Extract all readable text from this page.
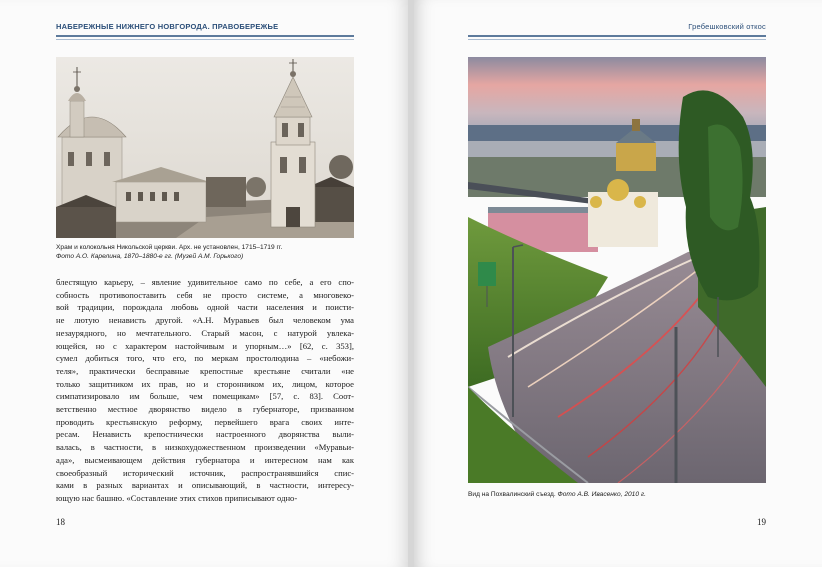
НАБЕРЕЖНЫЕ НИЖНЕГО НОВГОРОДА. ПРАВОБЕРЕЖЬЕ
Храм и колокольня Никольской церкви. Арх. не установлен, 1715–1719 гг.
Фото А.О. Карелина, 1870–1880-е гг. (Музей А.М. Горького)
блестящую карьеру, – явление удивительное само по себе, а его спо-
собность противопоставить себя не просто системе, а многовеко-
вой традиции, порождала любовь одной части населения и поисти-
не лютую ненависть другой. «А.Н. Муравьев был человеком ума
незаурядного, но мечтательного. Старый масон, с натурой увлека-
ющейся, но с характером настойчивым и упорным…» [62, с. 353],
сумел добиться того, что его, по меркам простолюдина – «небожи-
теля», практически бесправные крепостные крестьяне считали «не
только защитником их прав, но и сторонником их, лицом, которое
симпатизировало им больше, чем помещикам» [57, с. 83]. Соот-
ветственно местное дворянство видело в губернаторе, призванном
проводить крестьянскую реформу, первейшего врага своих инте-
ресам. Ненависть крепостнически настроенного дворянства выли-
валась, в частности, в низкохудожественном произведении «Муравьи-
ада», высмеивающем действия губернатора и интересном нам как
своеобразный исторический источник, распространявшийся спис-
ками в разных вариантах и описывающий, в частности, интересу-
ющую нас башню. «Составление этих стихов приписывают одно-
18
Гребешковский откос
Вид на Похвалинский съезд. Фото А.В. Ивасенко, 2010 г.
19
